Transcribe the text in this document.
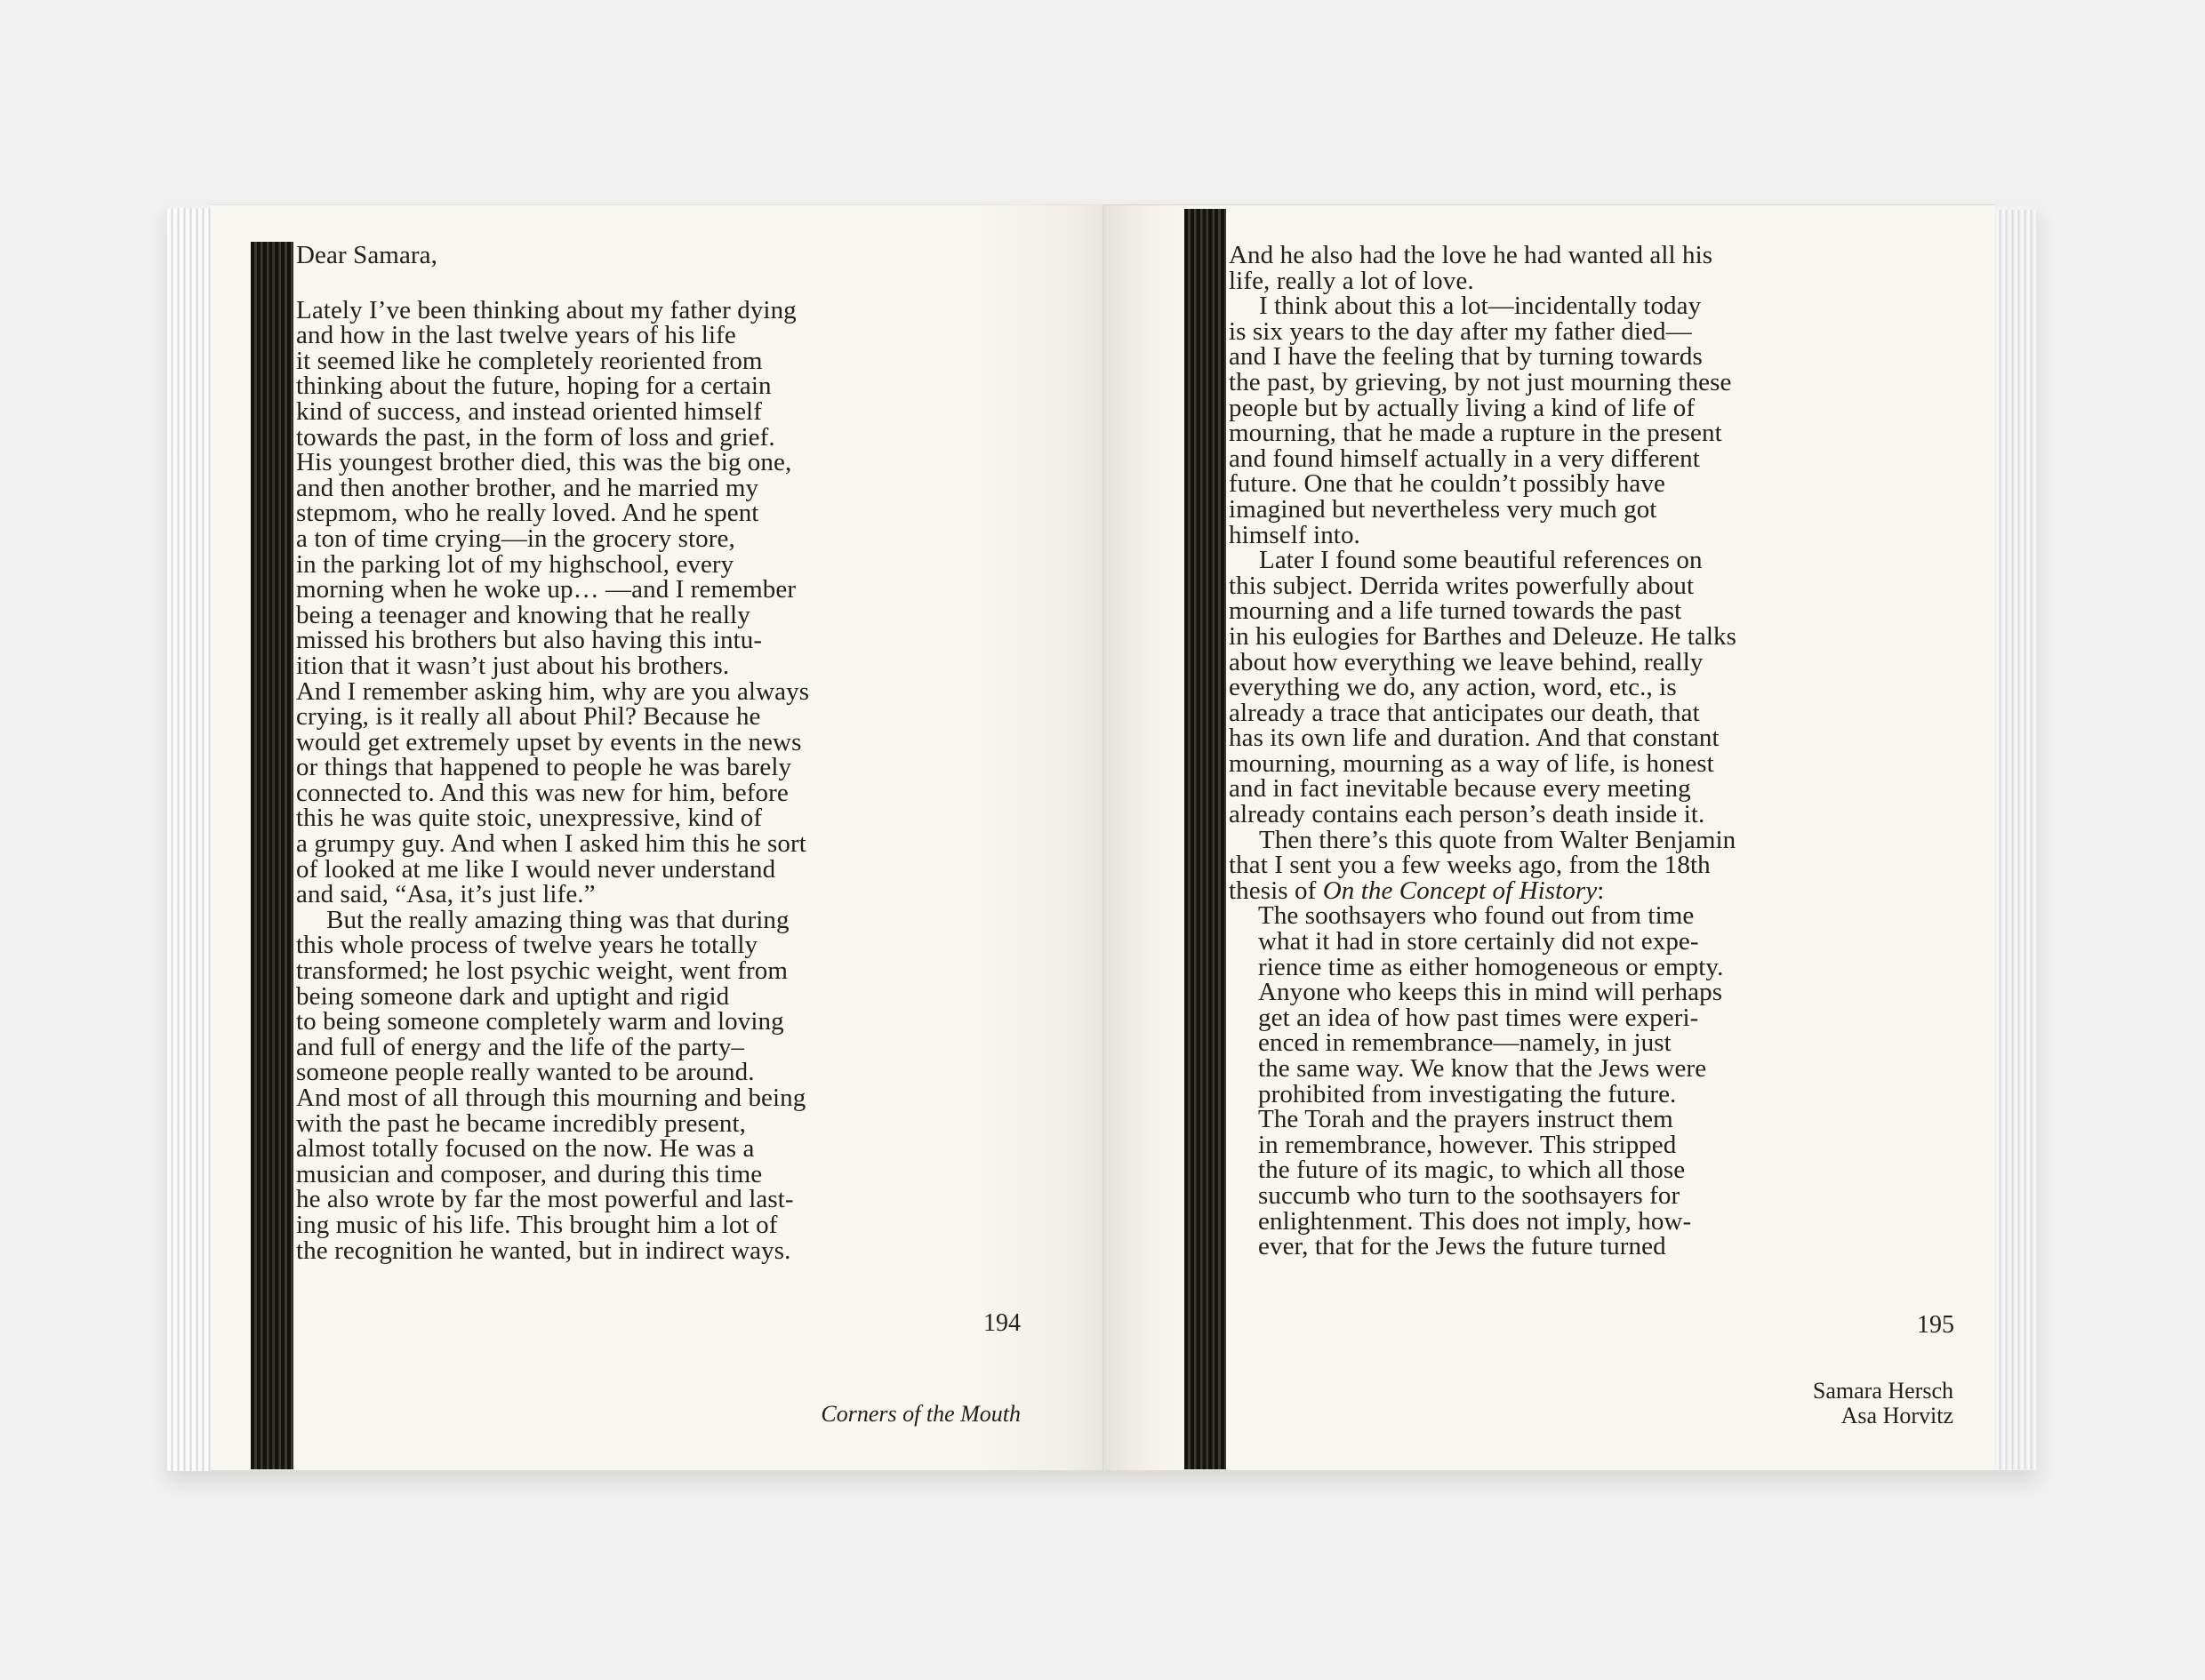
Dear Samara,
Lately I’ve been thinking about my father dying
and how in the last twelve years of his life
it seemed like he completely reoriented from
thinking about the future, hoping for a certain
kind of success, and instead oriented himself
towards the past, in the form of loss and grief.
His youngest brother died, this was the big one,
and then another brother, and he married my
stepmom, who he really loved. And he spent
a ton of time crying—in the grocery store,
in the parking lot of my highschool, every
morning when he woke up… —and I remember
being a teenager and knowing that he really
missed his brothers but also having this intu-
ition that it wasn’t just about his brothers.
And I remember asking him, why are you always
crying, is it really all about Phil? Because he
would get extremely upset by events in the news
or things that happened to people he was barely
connected to. And this was new for him, before
this he was quite stoic, unexpressive, kind of
a grumpy guy. And when I asked him this he sort
of looked at me like I would never understand
and said, “Asa, it’s just life.”
But the really amazing thing was that during
this whole process of twelve years he totally
transformed; he lost psychic weight, went from
being someone dark and uptight and rigid
to being someone completely warm and loving
and full of energy and the life of the party–
someone people really wanted to be around.
And most of all through this mourning and being
with the past he became incredibly present,
almost totally focused on the now. He was a
musician and composer, and during this time
he also wrote by far the most powerful and last-
ing music of his life. This brought him a lot of
the recognition he wanted, but in indirect ways.
194
Corners of the Mouth
And he also had the love he had wanted all his
life, really a lot of love.
I think about this a lot—incidentally today
is six years to the day after my father died—
and I have the feeling that by turning towards
the past, by grieving, by not just mourning these
people but by actually living a kind of life of
mourning, that he made a rupture in the present
and found himself actually in a very different
future. One that he couldn’t possibly have
imagined but nevertheless very much got
himself into.
Later I found some beautiful references on
this subject. Derrida writes powerfully about
mourning and a life turned towards the past
in his eulogies for Barthes and Deleuze. He talks
about how everything we leave behind, really
everything we do, any action, word, etc., is
already a trace that anticipates our death, that
has its own life and duration. And that constant
mourning, mourning as a way of life, is honest
and in fact inevitable because every meeting
already contains each person’s death inside it.
Then there’s this quote from Walter Benjamin
that I sent you a few weeks ago, from the 18th
thesis of On the Concept of History:
The soothsayers who found out from time
what it had in store certainly did not expe-
rience time as either homogeneous or empty.
Anyone who keeps this in mind will perhaps
get an idea of how past times were experi-
enced in remembrance—namely, in just
the same way. We know that the Jews were
prohibited from investigating the future.
The Torah and the prayers instruct them
in remembrance, however. This stripped
the future of its magic, to which all those
succumb who turn to the soothsayers for
enlightenment. This does not imply, how-
ever, that for the Jews the future turned
195
Samara Hersch
Asa Horvitz
